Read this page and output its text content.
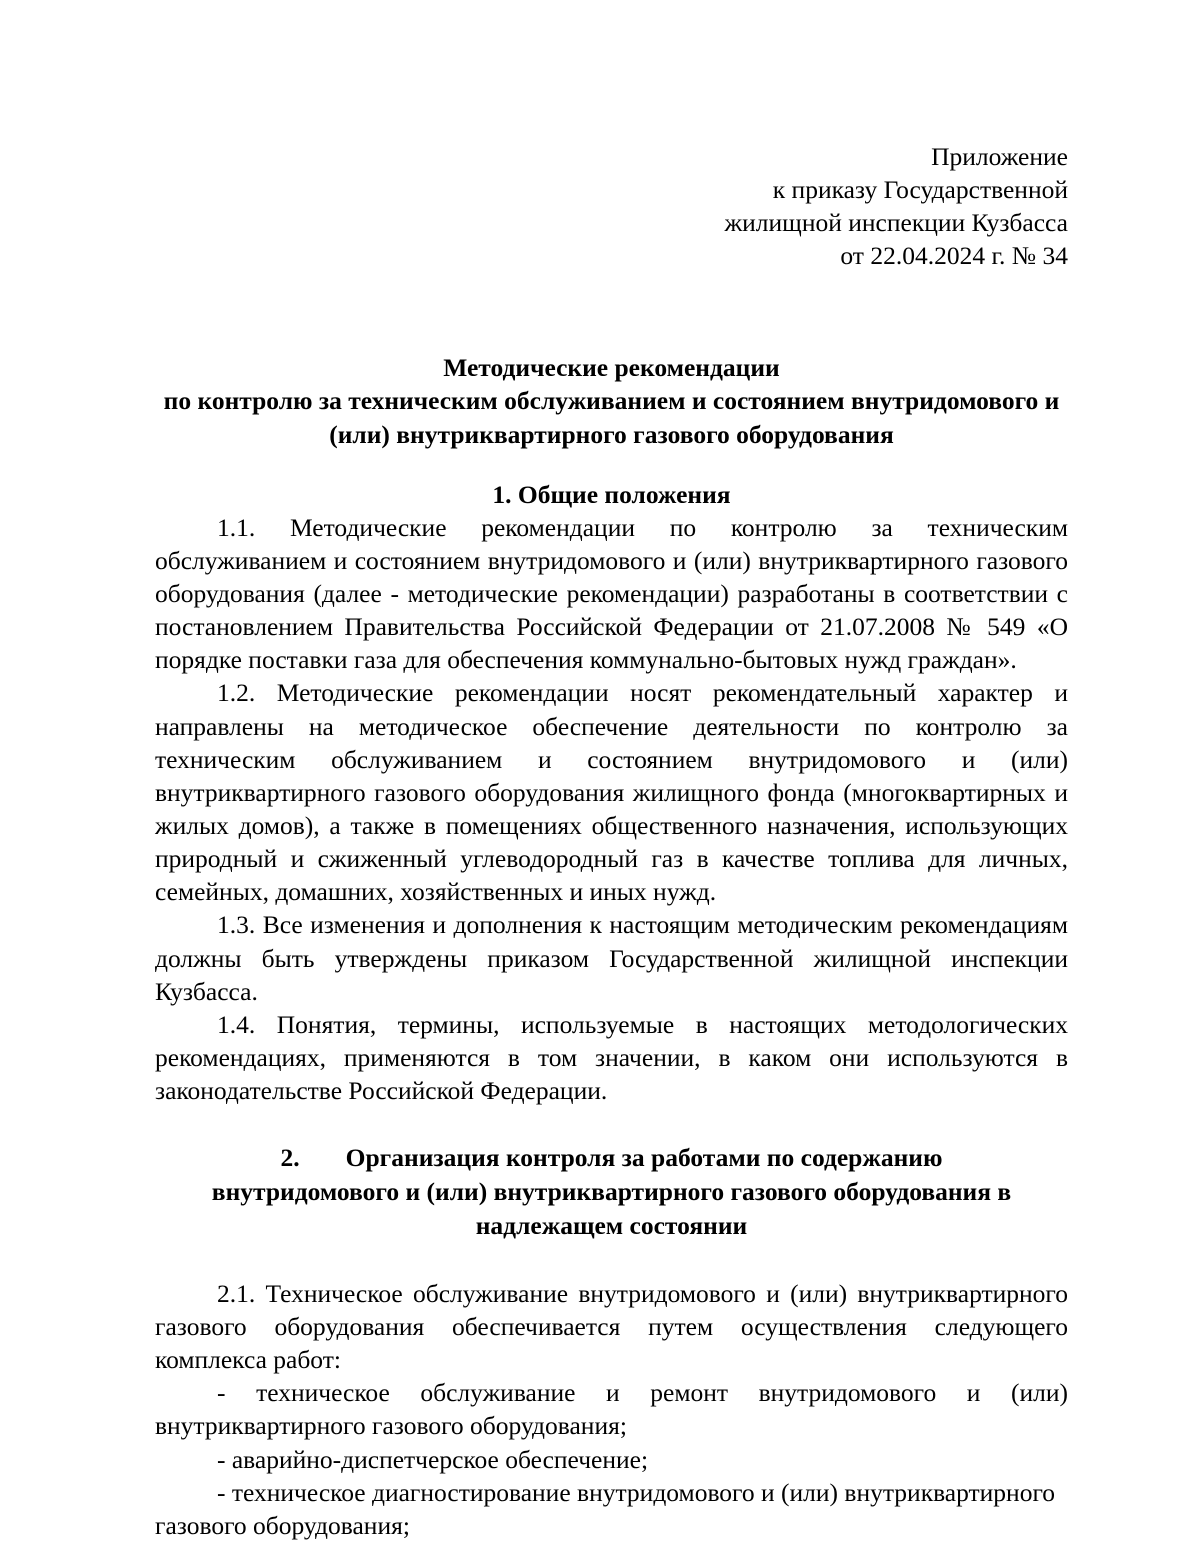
Приложение
к приказу Государственной
жилищной инспекции Кузбасса
от 22.04.2024 г. № 34
Методические рекомендации
по контролю за техническим обслуживанием и состоянием внутридомового и
(или) внутриквартирного газового оборудования
1. Общие положения

1.1. Методические рекомендации по контролю за техническим обслуживанием и состоянием внутридомового и (или) внутриквартирного газового оборудования (далее - методические рекомендации) разработаны в соответствии с постановлением Правительства Российской Федерации от 21.07.2008 № 549 «О порядке поставки газа для обеспечения коммунально-бытовых нужд граждан».

1.2. Методические рекомендации носят рекомендательный характер и направлены на методическое обеспечение деятельности по контролю за техническим обслуживанием и состоянием внутридомового и (или) внутриквартирного газового оборудования жилищного фонда (многоквартирных и жилых домов), а также в помещениях общественного назначения, использующих природный и сжиженный углеводородный газ в качестве топлива для личных, семейных, домашних, хозяйственных и иных нужд.

1.3. Все изменения и дополнения к настоящим методическим рекомендациям должны быть утверждены приказом Государственной жилищной инспекции Кузбасса.

1.4. Понятия, термины, используемые в настоящих методологических рекомендациях, применяются в том значении, в каком они используются в законодательстве Российской Федерации.

2. Организация контроля за работами по содержанию
внутридомового и (или) внутриквартирного газового оборудования в
надлежащем состоянии

2.1. Техническое обслуживание внутридомового и (или) внутриквартирного газового оборудования обеспечивается путем осуществления следующего комплекса работ:

- техническое обслуживание и ремонт внутридомового и (или) внутриквартирного газового оборудования;

- аварийно-диспетчерское обеспечение;

- техническое диагностирование внутридомового и (или) внутриквартирного газового оборудования;
